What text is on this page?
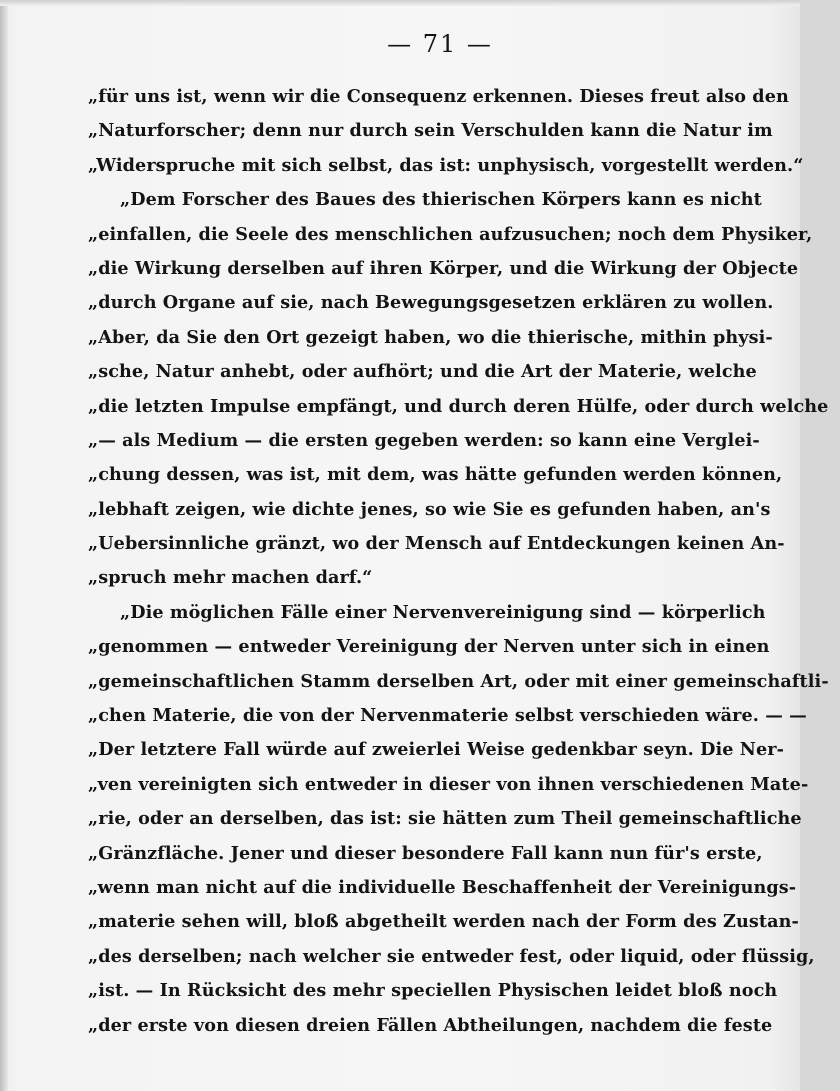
— 71 —
„für uns ist, wenn wir die Consequenz erkennen. Dieses freut also den
„Naturforscher; denn nur durch sein Verschulden kann die Natur im
„Widerspruche mit sich selbst, das ist: unphysisch, vorgestellt werden.“
„Dem Forscher des Baues des thierischen Körpers kann es nicht
„einfallen, die Seele des menschlichen aufzusuchen; noch dem Physiker,
„die Wirkung derselben auf ihren Körper, und die Wirkung der Objecte
„durch Organe auf sie, nach Bewegungsgesetzen erklären zu wollen.
„Aber, da Sie den Ort gezeigt haben, wo die thierische, mithin physi-
„sche, Natur anhebt, oder aufhört; und die Art der Materie, welche
„die letzten Impulse empfängt, und durch deren Hülfe, oder durch welche
„— als Medium — die ersten gegeben werden: so kann eine Verglei-
„chung dessen, was ist, mit dem, was hätte gefunden werden können,
„lebhaft zeigen, wie dichte jenes, so wie Sie es gefunden haben, an's
„Uebersinnliche gränzt, wo der Mensch auf Entdeckungen keinen An-
„spruch mehr machen darf.“
„Die möglichen Fälle einer Nervenvereinigung sind — körperlich
„genommen — entweder Vereinigung der Nerven unter sich in einen
„gemeinschaftlichen Stamm derselben Art, oder mit einer gemeinschaftli-
„chen Materie, die von der Nervenmaterie selbst verschieden wäre. — —
„Der letztere Fall würde auf zweierlei Weise gedenkbar seyn. Die Ner-
„ven vereinigten sich entweder in dieser von ihnen verschiedenen Mate-
„rie, oder an derselben, das ist: sie hätten zum Theil gemeinschaftliche
„Gränzfläche. Jener und dieser besondere Fall kann nun für's erste,
„wenn man nicht auf die individuelle Beschaffenheit der Vereinigungs-
„materie sehen will, bloß abgetheilt werden nach der Form des Zustan-
„des derselben; nach welcher sie entweder fest, oder liquid, oder flüssig,
„ist. — In Rücksicht des mehr speciellen Physischen leidet bloß noch
„der erste von diesen dreien Fällen Abtheilungen, nachdem die feste
